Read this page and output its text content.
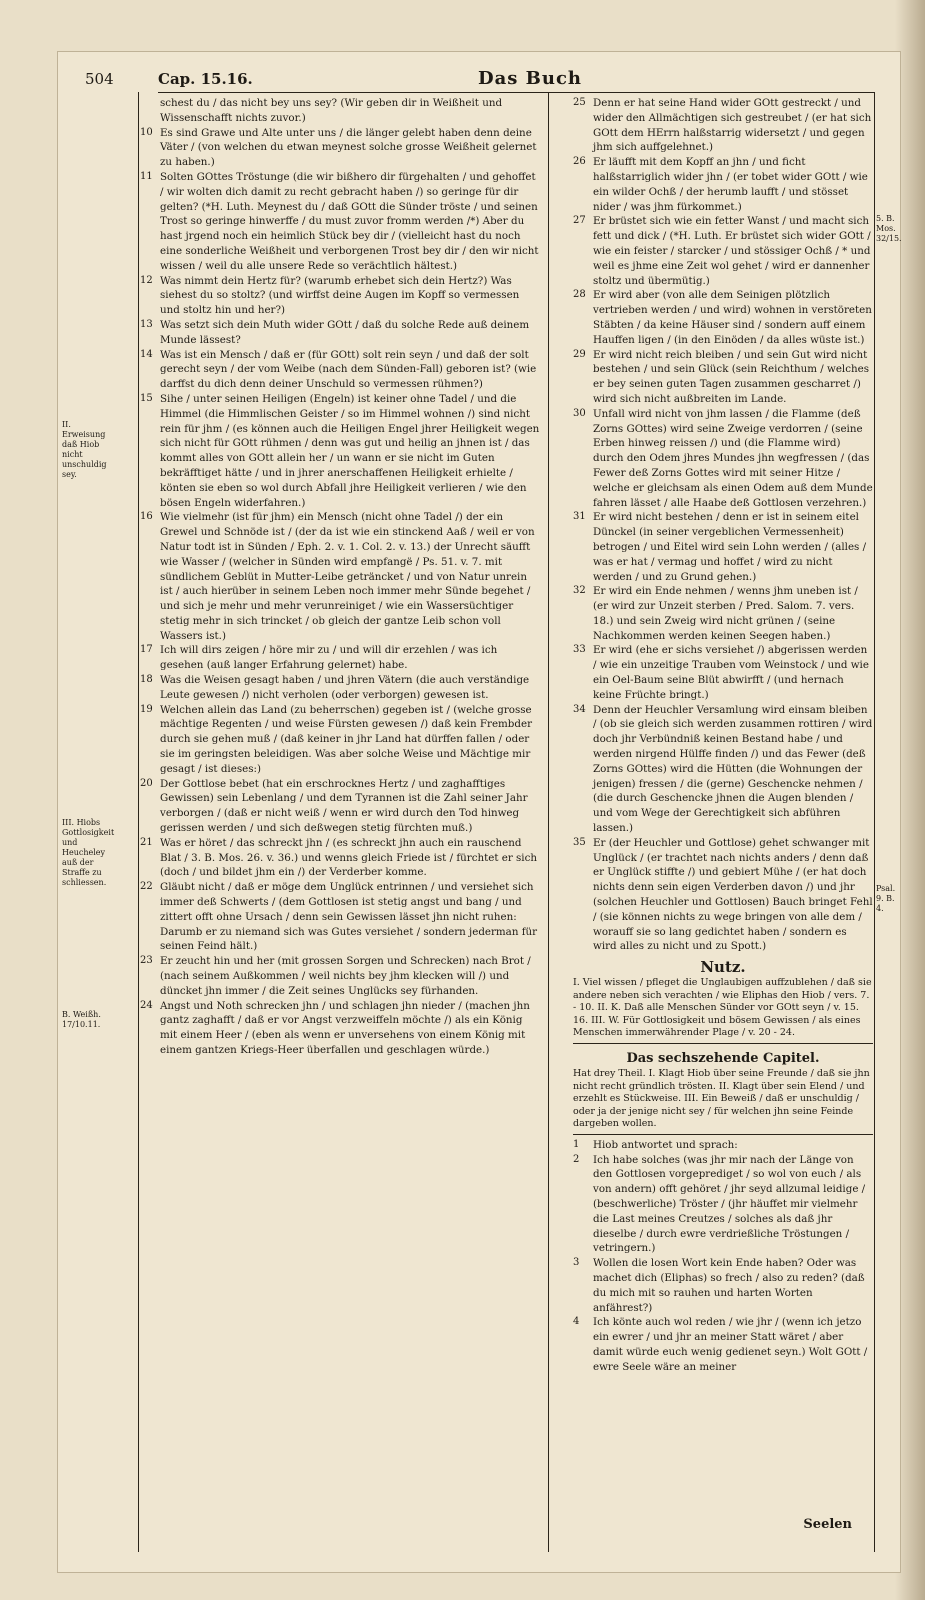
504	Cap. 15.16.	Das Buch
II. Erweisung daß Hiob nicht unschuldig sey.
III. Hiobs Gottlosigkeit und Heucheley auß der Straffe zu schliessen.
B. Weißh. 17/10.11.
5. B. Mos. 32/15.
Psal. 9. B. 4.
schest du / das nicht bey uns sey? (Wir geben dir in Weißheit und Wissenschafft nichts zuvor.)
10 Es sind Grawe und Alte unter uns / die länger gelebt haben denn deine Väter / (von welchen du etwan meynest solche grosse Weißheit gelernet zu haben.)
11 Solten GOttes Tröstunge (die wir bißhero dir fürgehalten / und gehoffet / wir wolten dich damit zu recht gebracht haben /) so geringe für dir gelten? (*H. Luth. Meynest du / daß GOtt die Sünder tröste / und seinen Trost so geringe hinwerffe / du must zuvor fromm werden /*) Aber du hast jrgend noch ein heimlich Stück bey dir / (vielleicht hast du noch eine sonderliche Weißheit und verborgenen Trost bey dir / den wir nicht wissen / weil du alle unsere Rede so verächtlich hältest.)
12 Was nimmt dein Hertz für? (warumb erhebet sich dein Hertz?) Was siehest du so stoltz? (und wirffst deine Augen im Kopff so vermessen und stoltz hin und her?)
13 Was setzt sich dein Muth wider GOtt / daß du solche Rede auß deinem Munde lässest?
14 Was ist ein Mensch / daß er (für GOtt) solt rein seyn / und daß der solt gerecht seyn / der vom Weibe (nach dem Sünden-Fall) geboren ist? (wie darffst du dich denn deiner Unschuld so vermessen rühmen?)
15 Sihe / unter seinen Heiligen (Engeln) ist keiner ohne Tadel / und die Himmel (die Himmlischen Geister / so im Himmel wohnen /) sind nicht rein für jhm / (es können auch die Heiligen Engel jhrer Heiligkeit wegen sich nicht für GOtt rühmen / denn was gut und heilig an jhnen ist / das kommt alles von GOtt allein her / un wann er sie nicht im Guten bekräfftiget hätte / und in jhrer anerschaffenen Heiligkeit erhielte / könten sie eben so wol durch Abfall jhre Heiligkeit verlieren / wie den bösen Engeln widerfahren.)
16 Wie vielmehr (ist für jhm) ein Mensch (nicht ohne Tadel /) der ein Grewel und Schnöde ist / (der da ist wie ein stinckend Aaß / weil er von Natur todt ist in Sünden / Eph. 2. v. 1. Col. 2. v. 13.) der Unrecht säufft wie Wasser / (welcher in Sünden wird empfangë / Ps. 51. v. 7. mit sündlichem Geblüt in Mutter-Leibe geträncket / und von Natur unrein ist / auch hierüber in seinem Leben noch immer mehr Sünde begehet / und sich je mehr und mehr verunreiniget / wie ein Wassersüchtiger stetig mehr in sich trincket / ob gleich der gantze Leib schon voll Wassers ist.)
17 Ich will dirs zeigen / höre mir zu / und will dir erzehlen / was ich gesehen (auß langer Erfahrung gelernet) habe.
18 Was die Weisen gesagt haben / und jhren Vätern (die auch verständige Leute gewesen /) nicht verholen (oder verborgen) gewesen ist.
19 Welchen allein das Land (zu beherrschen) gegeben ist / (welche grosse mächtige Regenten / und weise Fürsten gewesen /) daß kein Frembder durch sie gehen muß / (daß keiner in jhr Land hat dürffen fallen / oder sie im geringsten beleidigen. Was aber solche Weise und Mächtige mir gesagt / ist dieses:)
20 Der Gottlose bebet (hat ein erschrocknes Hertz / und zaghafftiges Gewissen) sein Lebenlang / und dem Tyrannen ist die Zahl seiner Jahr verborgen / (daß er nicht weiß / wenn er wird durch den Tod hinweg gerissen werden / und sich deßwegen stetig fürchten muß.)
21 Was er höret / das schreckt jhn / (es schreckt jhn auch ein rauschend Blat / 3. B. Mos. 26. v. 36.) und wenns gleich Friede ist / fürchtet er sich (doch / und bildet jhm ein /) der Verderber komme.
22 Gläubt nicht / daß er möge dem Unglück entrinnen / und versiehet sich immer deß Schwerts / (dem Gottlosen ist stetig angst und bang / und zittert offt ohne Ursach / denn sein Gewissen lässet jhn nicht ruhen: Darumb er zu niemand sich was Gutes versiehet / sondern jederman für seinen Feind hält.)
23 Er zeucht hin und her (mit grossen Sorgen und Schrecken) nach Brot / (nach seinem Außkommen / weil nichts bey jhm klecken will /) und düncket jhn immer / die Zeit seines Unglücks sey fürhanden.
24 Angst und Noth schrecken jhn / und schlagen jhn nieder / (machen jhn gantz zaghafft / daß er vor Angst verzweiffeln möchte /) als ein König mit einem Heer / (eben als wenn er unversehens von einem König mit einem gantzen Kriegs-Heer überfallen und geschlagen würde.)
25 Denn er hat seine Hand wider GOtt gestreckt / und wider den Allmächtigen sich gestreubet / (er hat sich GOtt dem HErrn halßstarrig widersetzt / und gegen jhm sich auffgelehnet.)
26 Er läufft mit dem Kopff an jhn / und ficht halßstarriglich wider jhn / (er tobet wider GOtt / wie ein wilder Ochß / der herumb laufft / und stösset nider / was jhm fürkommet.)
27 Er brüstet sich wie ein fetter Wanst / und macht sich fett und dick / (*H. Luth. Er brüstet sich wider GOtt / wie ein feister / starcker / und stössiger Ochß / * und weil es jhme eine Zeit wol gehet / wird er dannenher stoltz und übermütig.)
28 Er wird aber (von alle dem Seinigen plötzlich vertrieben werden / und wird) wohnen in verstöreten Stäbten / da keine Häuser sind / sondern auff einem Hauffen ligen / (in den Einöden / da alles wüste ist.)
29 Er wird nicht reich bleiben / und sein Gut wird nicht bestehen / und sein Glück (sein Reichthum / welches er bey seinen guten Tagen zusammen gescharret /) wird sich nicht außbreiten im Lande.
30 Unfall wird nicht von jhm lassen / die Flamme (deß Zorns GOttes) wird seine Zweige verdorren / (seine Erben hinweg reissen /) und (die Flamme wird) durch den Odem jhres Mundes jhn wegfressen / (das Fewer deß Zorns Gottes wird mit seiner Hitze / welche er gleichsam als einen Odem auß dem Munde fahren lässet / alle Haabe deß Gottlosen verzehren.)
31 Er wird nicht bestehen / denn er ist in seinem eitel Dünckel (in seiner vergeblichen Vermessenheit) betrogen / und Eitel wird sein Lohn werden / (alles / was er hat / vermag und hoffet / wird zu nicht werden / und zu Grund gehen.)
32 Er wird ein Ende nehmen / wenns jhm uneben ist / (er wird zur Unzeit sterben / Pred. Salom. 7. vers. 18.) und sein Zweig wird nicht grünen / (seine Nachkommen werden keinen Seegen haben.)
33 Er wird (ehe er sichs versiehet /) abgerissen werden / wie ein unzeitige Trauben vom Weinstock / und wie ein Oel-Baum seine Blüt abwirfft / (und hernach keine Früchte bringt.)
34 Denn der Heuchler Versamlung wird einsam bleiben / (ob sie gleich sich werden zusammen rottiren / wird doch jhr Verbündniß keinen Bestand habe / und werden nirgend Hülffe finden /) und das Fewer (deß Zorns GOttes) wird die Hütten (die Wohnungen der jenigen) fressen / die (gerne) Geschencke nehmen / (die durch Geschencke jhnen die Augen blenden / und vom Wege der Gerechtigkeit sich abführen lassen.)
35 Er (der Heuchler und Gottlose) gehet schwanger mit Unglück / (er trachtet nach nichts anders / denn daß er Unglück stiffte /) und gebiert Mühe / (er hat doch nichts denn sein eigen Verderben davon /) und jhr (solchen Heuchler und Gottlosen) Bauch bringet Fehl / (sie können nichts zu wege bringen von alle dem / worauff sie so lang gedichtet haben / sondern es wird alles zu nicht und zu Spott.)
Nutz.
I. Viel wissen / pfleget die Unglaubigen auffzublehen / daß sie andere neben sich verachten / wie Eliphas den Hiob / vers. 7. - 10. II. K. Daß alle Menschen Sünder vor GOtt seyn / v. 15. 16. III. W. Für Gottlosigkeit und bösem Gewissen / als eines Menschen immerwährender Plage / v. 20 - 24.
Das sechszehende Capitel.
Hat drey Theil. I. Klagt Hiob über seine Freunde / daß sie jhn nicht recht gründlich trösten. II. Klagt über sein Elend / und erzehlt es Stückweise. III. Ein Beweiß / daß er unschuldig / oder ja der jenige nicht sey / für welchen jhn seine Feinde dargeben wollen.
1	Hiob antwortet und sprach:
2	Ich habe solches (was jhr mir nach der Länge von den Gottlosen vorgeprediget / so wol von euch / als von andern) offt gehöret / jhr seyd allzumal leidige / (beschwerliche) Tröster / (jhr häuffet mir vielmehr die Last meines Creutzes / solches als daß jhr dieselbe / durch ewre verdrießliche Tröstungen / vetringern.)
3	Wollen die losen Wort kein Ende haben? Oder was machet dich (Eliphas) so frech / also zu reden? (daß du mich mit so rauhen und harten Worten anfährest?)
4	Ich könte auch wol reden / wie jhr / (wenn ich jetzo ein ewrer / und jhr an meiner Statt wäret / aber damit würde euch wenig gedienet seyn.) Wolt GOtt / ewre Seele wäre an meiner
Seelen
